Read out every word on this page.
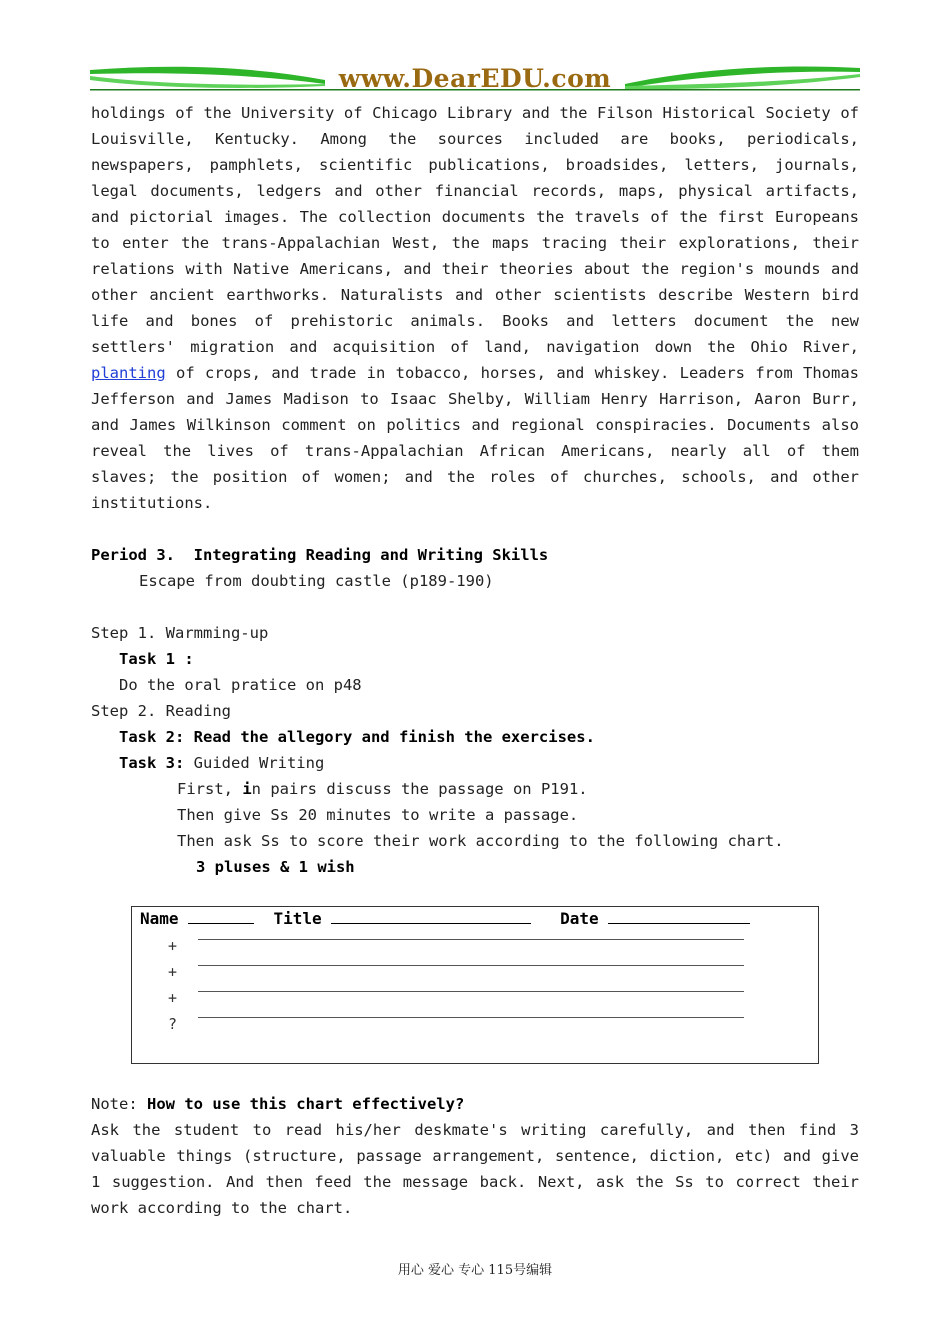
www.DearEDU.com

holdings of the University of Chicago Library and the Filson Historical Society of Louisville, Kentucky. Among the sources included are books, periodicals, newspapers, pamphlets, scientific publications, broadsides, letters, journals, legal documents, ledgers and other financial records, maps, physical artifacts, and pictorial images. The collection documents the travels of the first Europeans to enter the trans-Appalachian West, the maps tracing their explorations, their relations with Native Americans, and their theories about the region's mounds and other ancient earthworks. Naturalists and other scientists describe Western bird life and bones of prehistoric animals. Books and letters document the new settlers' migration and acquisition of land, navigation down the Ohio River, planting of crops, and trade in tobacco, horses, and whiskey. Leaders from Thomas Jefferson and James Madison to Isaac Shelby, William Henry Harrison, Aaron Burr, and James Wilkinson comment on politics and regional conspiracies. Documents also reveal the lives of trans-Appalachian African Americans, nearly all of them slaves; the position of women; and the roles of churches, schools, and other institutions.

Period 3.  Integrating Reading and Writing Skills
Escape from doubting castle (p189-190)
Step 1. Warmming-up
Task 1 :
Do the oral pratice on p48
Step 2. Reading
Task 2: Read the allegory and finish the exercises.
Task 3: Guided Writing
First, in pairs discuss the passage on P191.
Then give Ss 20 minutes to write a passage.
Then ask Ss to score their work according to the following chart.
3 pluses & 1 wish
Name	Title	Date
+
+
+
?
Note: How to use this chart effectively?

Ask the student to read his/her deskmate's writing carefully, and then find 3 valuable things (structure, passage arrangement, sentence, diction, etc) and give 1 suggestion. And then feed the message back. Next, ask the Ss to correct their work according to the chart.

用心 爱心 专心 115号编辑
